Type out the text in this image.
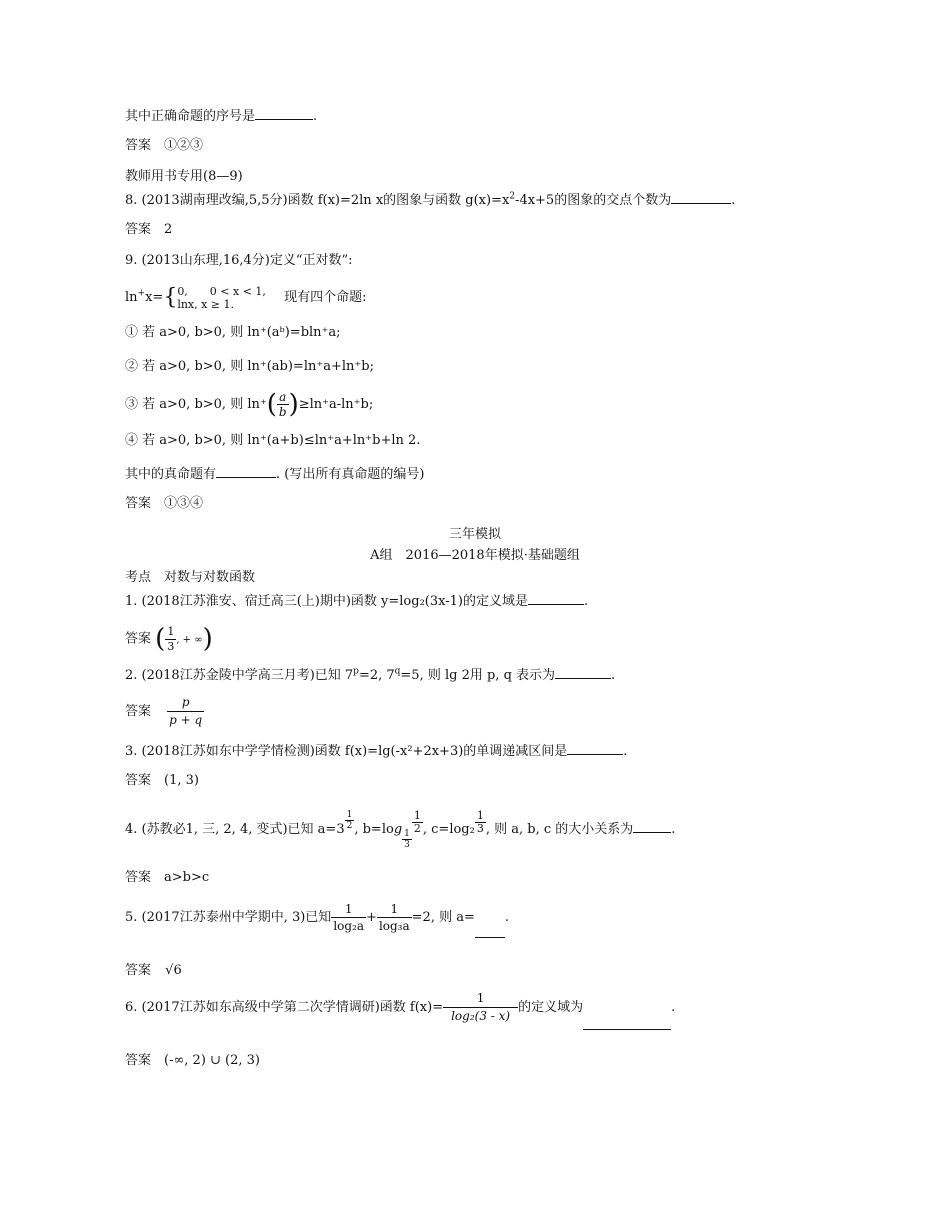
其中正确命题的序号是	.
答案　①②③
教师用书专用(8—9)
8. (2013湖南理改编,5,5分)函数 f(x)=2ln x的图象与函数 $g(x)=x^2-4x+5$的图象的交点个数为	.
答案　2
9. (2013山东理,16,4分)定义“正对数”:
ln+x={ 0,　　0 < x < 1,
lnx, x ≥ 1.	现有四个命题:
① 若 a>0, b>0, 则 ln⁺(aᵇ)=bln⁺a;
② 若 a>0, b>0, 则 ln⁺(ab)=ln⁺a+ln⁺b;
③ 若 a>0, b>0, 则 $\ln^+( \frac{a}{b} )\ge\ln^+a-\ln^+b$;
④ 若 a>0, b>0, 则 ln⁺(a+b)≤ln⁺a+ln⁺b+ln 2.
其中的真命题有	. (写出所有真命题的编号)
答案　①③④
三年模拟
A组　2016—2018年模拟·基础题组
考点　对数与对数函数
1. (2018江苏淮安、宿迁高三(上)期中)函数 y=log₂(3x-1)的定义域是	.
答案 ( $\frac{1}{3}$ , + ∞)
2. (2018江苏金陵中学高三月考)已知 $7^p=2$, $7^q=5$, 则 lg 2用 p, q 表示为	.
答案 $\frac{p}{p + q}$
3. (2018江苏如东中学学情检测)函数 f(x)=lg(-x²+2x+3)的单调递减区间是	.
答案　(1, 3)
4. (苏教必1, 三, 2, 4, 变式)已知 $a=3 \frac{1}{2}$ , $b=\log \frac{1}{3}$
$\frac{1}{2}$ , $c=\log_2 \frac{1}{3}$ , 则 a, b, c 的大小关系为	.
答案　a>b>c
5. (2017江苏泰州中学期中, 3)已知 $\frac{1}{\text{log₂a}} + \frac{1}{\text{log₃a}} =2$, 则 a= .
答案 √6
6. (2017江苏如东高级中学第二次学情调研)函数 $f(x)= \frac{1}{\text{log₂(3 - x)}}$ 的定义域为	.
答案　(-∞, 2) ∪ (2, 3)
